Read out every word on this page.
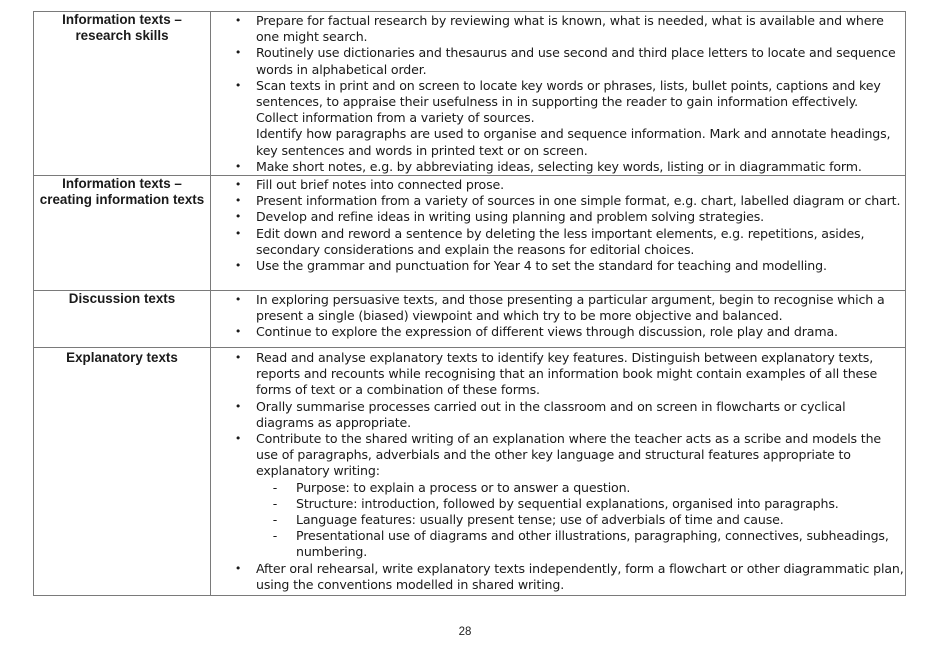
Information texts –
research skills

• Prepare for factual research by reviewing what is known, what is needed, what is available and where one might search.
• Routinely use dictionaries and thesaurus and use second and third place letters to locate and sequence words in alphabetical order.
• Scan texts in print and on screen to locate key words or phrases, lists, bullet points, captions and key sentences, to appraise their usefulness in in supporting the reader to gain information effectively.
Collect information from a variety of sources.
Identify how paragraphs are used to organise and sequence information. Mark and annotate headings, key sentences and words in printed text or on screen.
• Make short notes, e.g. by abbreviating ideas, selecting key words, listing or in diagrammatic form.

Information texts –
creating information texts

• Fill out brief notes into connected prose.
• Present information from a variety of sources in one simple format, e.g. chart, labelled diagram or chart.
• Develop and refine ideas in writing using planning and problem solving strategies.
• Edit down and reword a sentence by deleting the less important elements, e.g. repetitions, asides, secondary considerations and explain the reasons for editorial choices.
• Use the grammar and punctuation for Year 4 to set the standard for teaching and modelling.

Discussion texts	• In exploring persuasive texts, and those presenting a particular argument, begin to recognise which a present a single (biased) viewpoint and which try to be more objective and balanced.
• Continue to explore the expression of different views through discussion, role play and drama.

Explanatory texts	• Read and analyse explanatory texts to identify key features. Distinguish between explanatory texts, reports and recounts while recognising that an information book might contain examples of all these forms of text or a combination of these forms.
• Orally summarise processes carried out in the classroom and on screen in flowcharts or cyclical diagrams as appropriate.
• Contribute to the shared writing of an explanation where the teacher acts as a scribe and models the use of paragraphs, adverbials and the other key language and structural features appropriate to explanatory writing:
- Purpose: to explain a process or to answer a question.
- Structure: introduction, followed by sequential explanations, organised into paragraphs.
- Language features: usually present tense; use of adverbials of time and cause.
- Presentational use of diagrams and other illustrations, paragraphing, connectives, subheadings, numbering.
• After oral rehearsal, write explanatory texts independently, form a flowchart or other diagrammatic plan, using the conventions modelled in shared writing.
28
